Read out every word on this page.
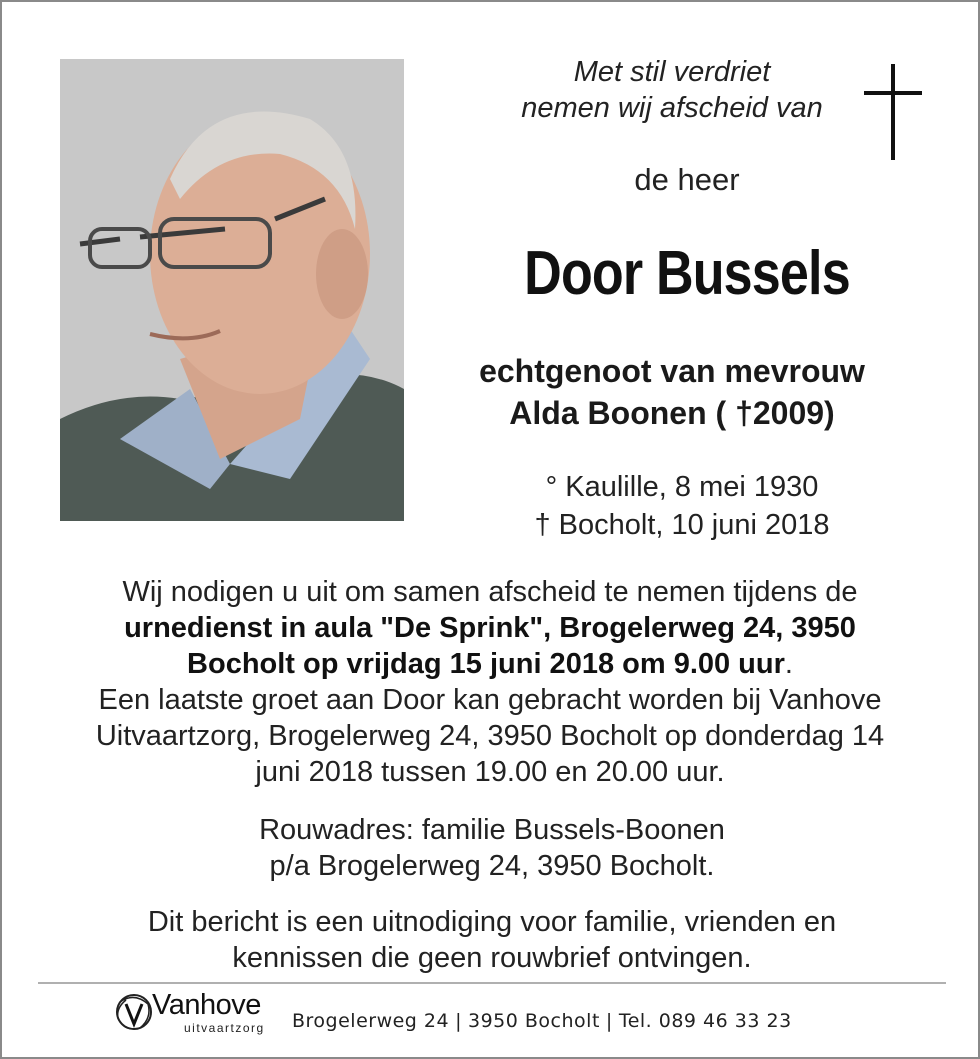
Met stil verdriet
nemen wij afscheid van
de heer
Door Bussels
echtgenoot van mevrouw
Alda Boonen ( †2009)
° Kaulille, 8 mei 1930
† Bocholt, 10 juni 2018
Wij nodigen u uit om samen afscheid te nemen tijdens de
urnedienst in aula "De Sprink", Brogelerweg 24, 3950
Bocholt op vrijdag 15 juni 2018 om 9.00 uur.
Een laatste groet aan Door kan gebracht worden bij Vanhove
Uitvaartzorg, Brogelerweg 24, 3950 Bocholt op donderdag 14
juni 2018 tussen 19.00 en 20.00 uur.
Rouwadres: familie Bussels-Boonen
p/a Brogelerweg 24, 3950 Bocholt.
Dit bericht is een uitnodiging voor familie, vrienden en
kennissen die geen rouwbrief ontvingen.
Vanhove
uitvaartzorg Brogelerweg 24 | 3950 Bocholt | Tel. 089 46 33 23
